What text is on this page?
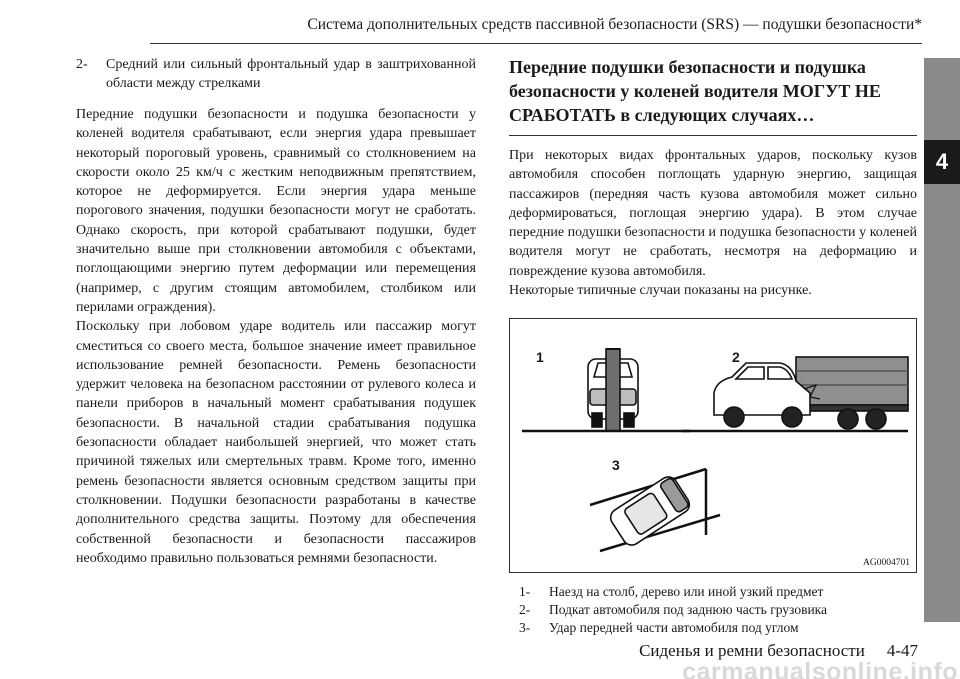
Система дополнительных средств пассивной безопасности (SRS) — подушки безопасности*
4
2-	Средний или сильный фронтальный удар в заштрихованной области между стрелками

Передние подушки безопасности и подушка безопасности у коленей водителя срабатывают, если энергия удара превышает некоторый пороговый уровень, сравнимый со столкновением на скорости около 25 км/ч с жестким неподвижным препятствием, которое не деформируется. Если энергия удара меньше порогового значения, подушки безопасности могут не сработать. Однако скорость, при которой срабатывают подушки, будет значительно выше при столкновении автомобиля с объектами, поглощающими энергию путем деформации или перемещения (например, с другим стоящим автомобилем, столбиком или перилами ограждения).

Поскольку при лобовом ударе водитель или пассажир могут сместиться со своего места, большое значение имеет правильное использование ремней безопасности. Ремень безопасности удержит человека на безопасном расстоянии от рулевого колеса и панели приборов в начальный момент срабатывания подушек безопасности. В начальной стадии срабатывания подушка безопасности обладает наибольшей энергией, что может стать причиной тяжелых или смертельных травм. Кроме того, именно ремень безопасности является основным средством защиты при столкновении. Подушки безопасности разработаны в качестве дополнительного средства защиты. Поэтому для обеспечения собственной безопасности и безопасности пассажиров необходимо правильно пользоваться ремнями безопасности.

Передние подушки безопасности и подушка безопасности у коленей водителя МОГУТ НЕ СРАБОТАТЬ в следующих случаях…

При некоторых видах фронтальных ударов, поскольку кузов автомобиля способен поглощать ударную энергию, защищая пассажиров (передняя часть кузова автомобиля может сильно деформироваться, поглощая энергию удара). В этом случае передние подушки безопасности и подушка безопасности у коленей водителя могут не сработать, несмотря на деформацию и повреждение кузова автомобиля.

Некоторые типичные случаи показаны на рисунке.

1	2
3
AG0004701
1-	Наезд на столб, дерево или иной узкий предмет
2-	Подкат автомобиля под заднюю часть грузовика
3-	Удар передней части автомобиля под углом
Сиденья и ремни безопасности 4-47
carmanualsonline.info
